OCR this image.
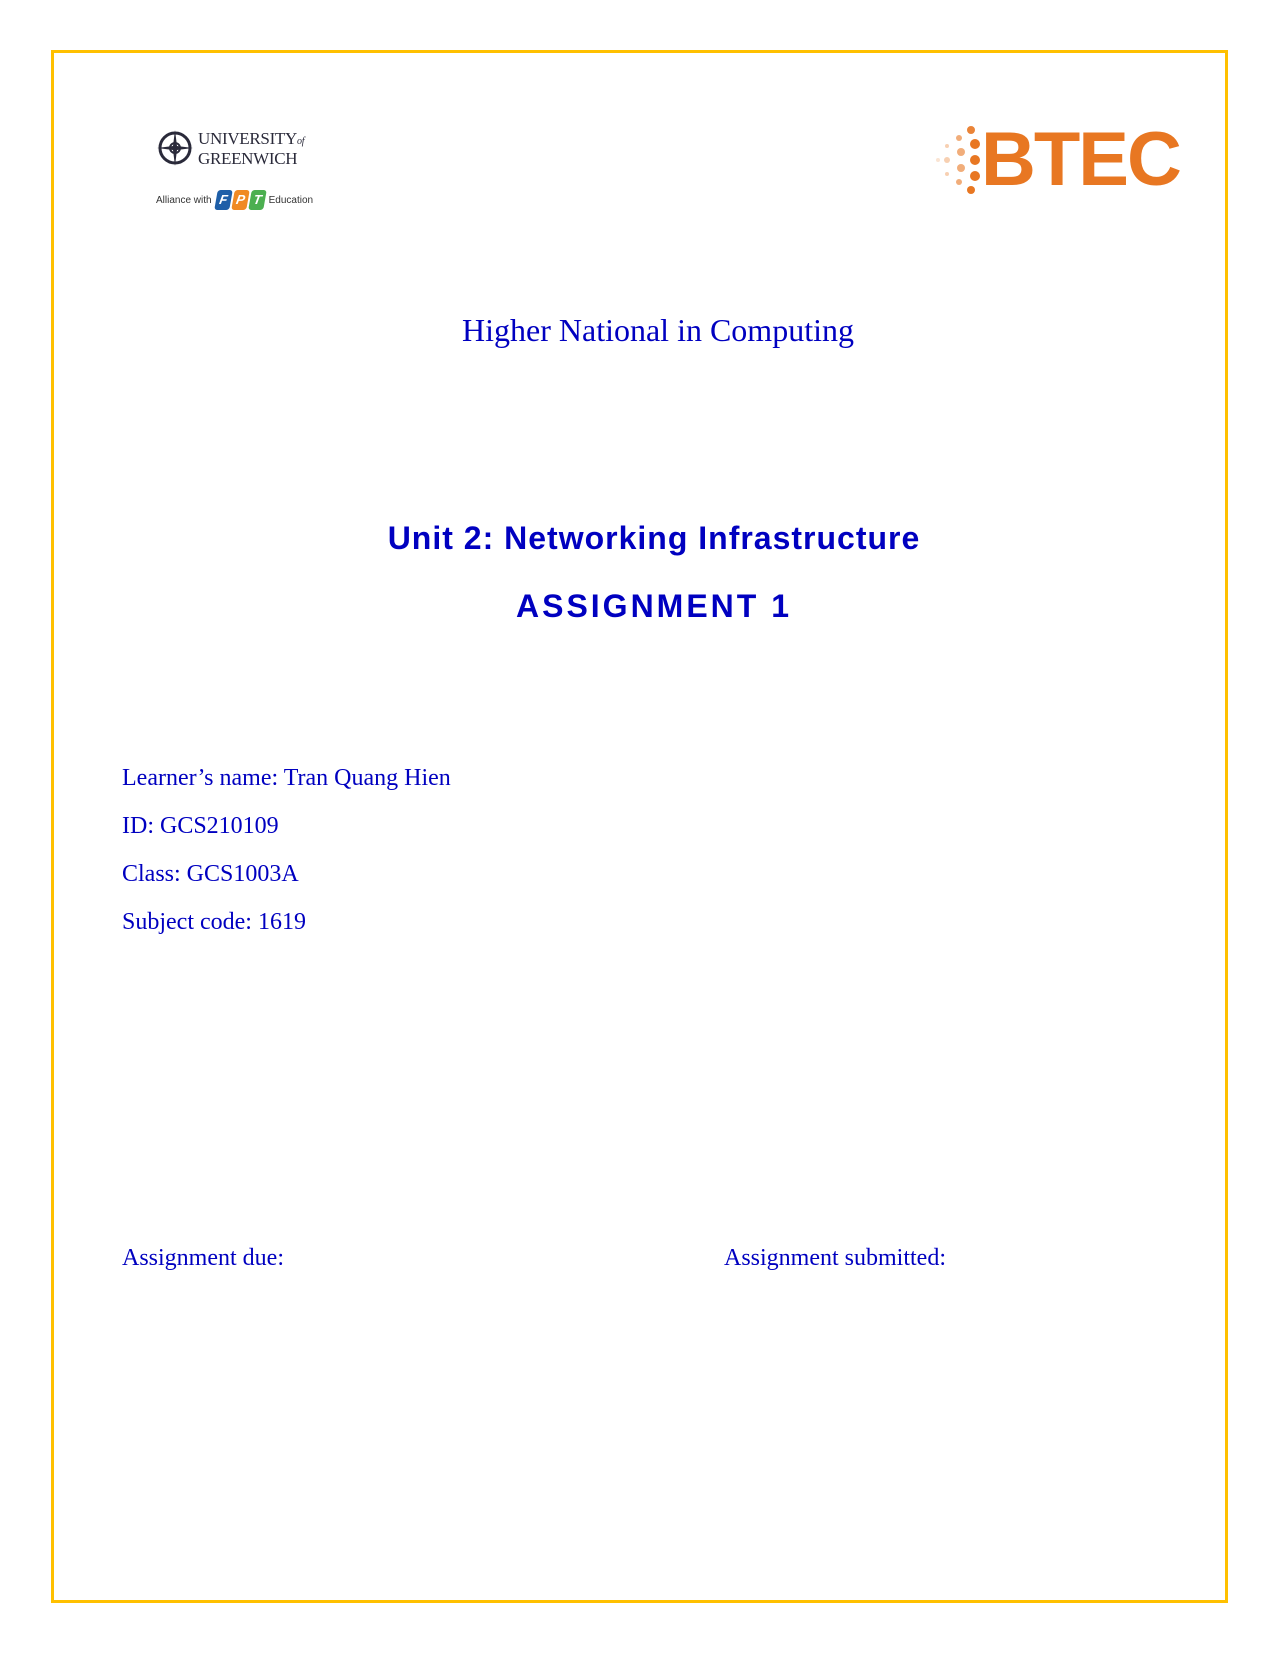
UNIVERSITYof
GREENWICH
Alliance with F P T Education	BTEC
Higher National in Computing
Unit 2: Networking Infrastructure
ASSIGNMENT 1
Learner’s name: Tran Quang Hien
ID: GCS210109
Class: GCS1003A
Subject code: 1619
Assignment due:	Assignment submitted:
